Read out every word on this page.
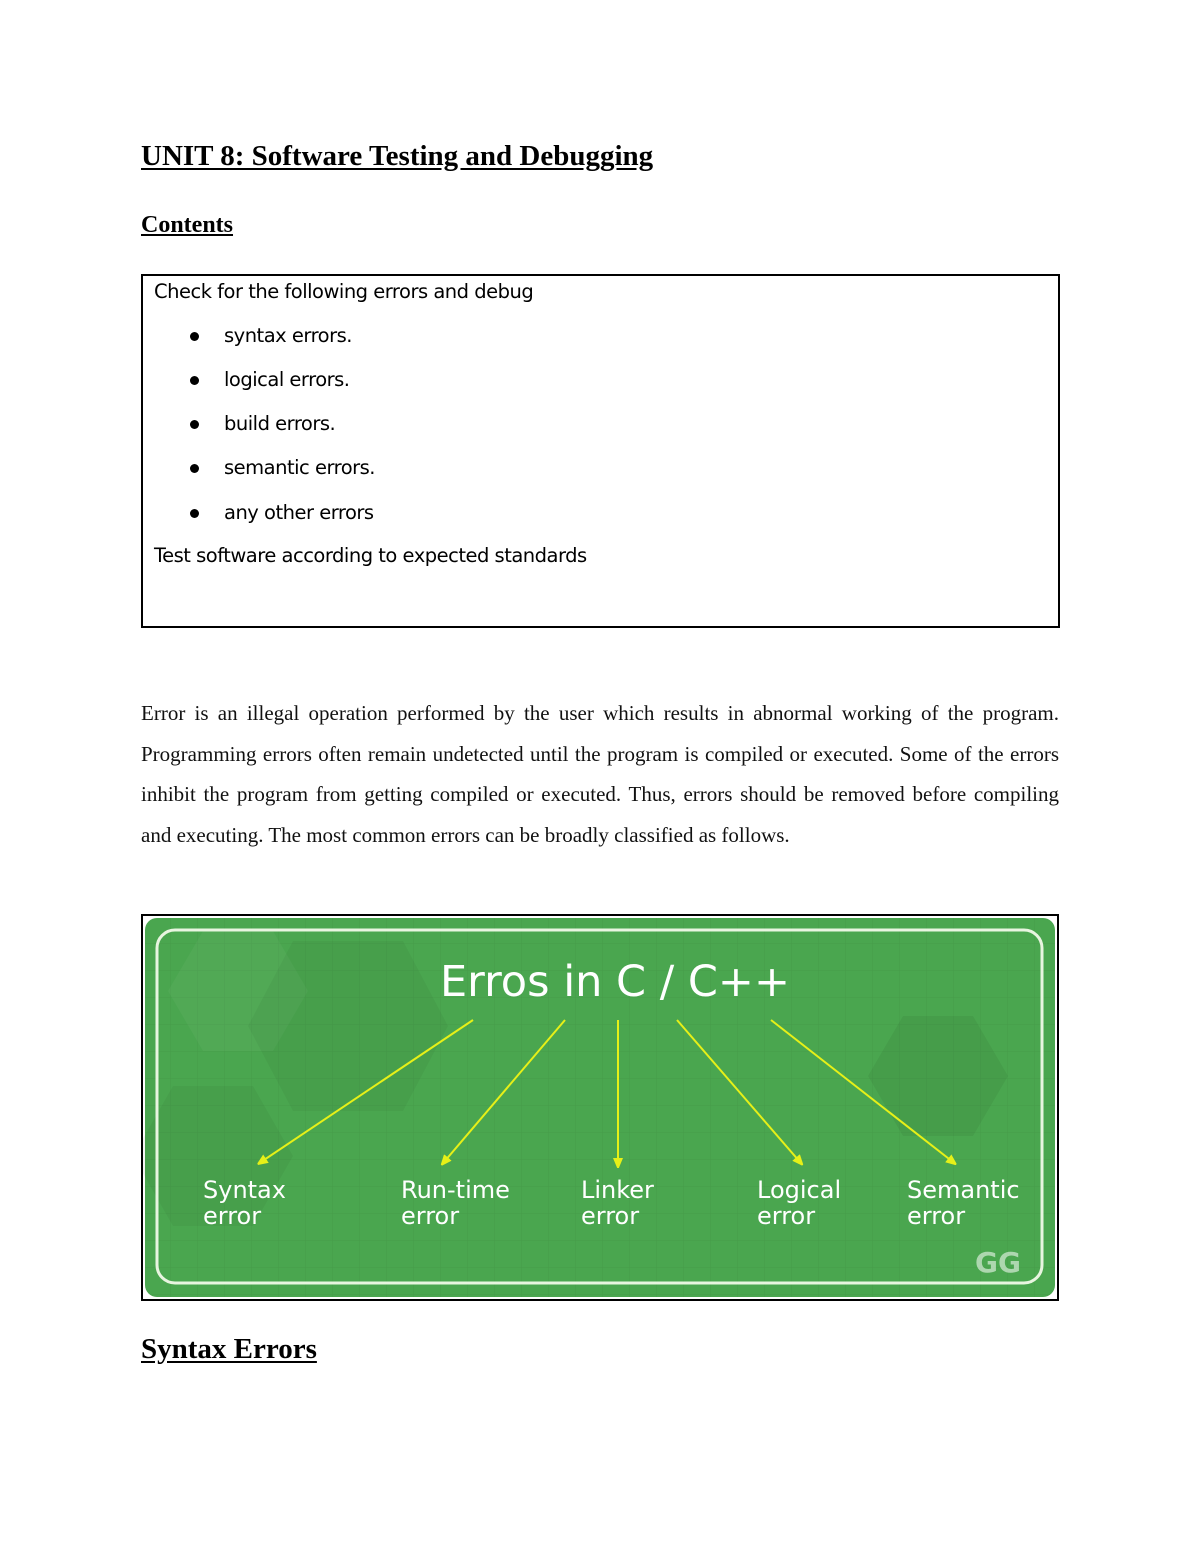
UNIT 8: Software Testing and Debugging
Contents
Check for the following errors and debug
syntax errors.
logical errors.
build errors.
semantic errors.
any other errors
Test software according to expected standards

Error is an illegal operation performed by the user which results in abnormal working of the program. Programming errors often remain undetected until the program is compiled or executed. Some of the errors inhibit the program from getting compiled or executed. Thus, errors should be removed before compiling and executing. The most common errors can be broadly classified as follows.

Erros in C / C++
Syntax
error
Run-time
error
Linker
error
Logical
error
Semantic
error
GG
Syntax Errors
